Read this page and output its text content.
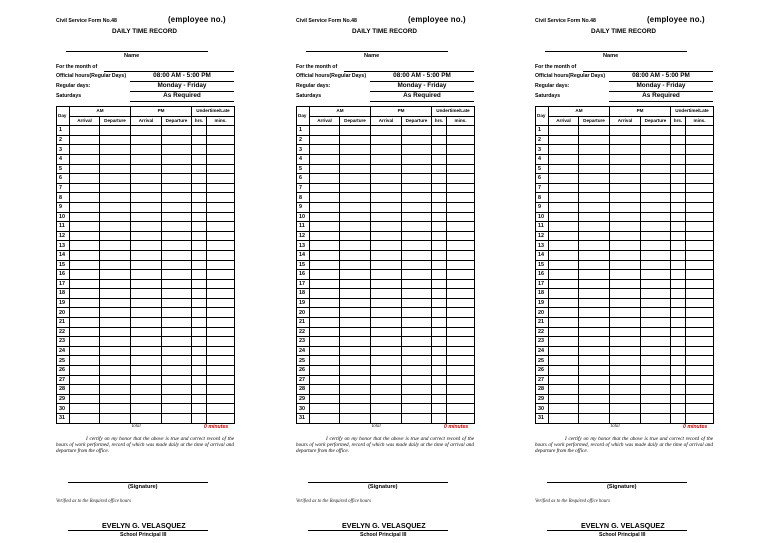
Civil Service Form No.48	(employee no.)
DAILY TIME RECORD
Name
For the month of
Official hours(Regular Days)	08:00 AM - 5:00 PM
Regular days:	Monday - Friday
Saturdays	As Required
Day	AM		PM		Undertime/Late	
	Arrival	Departure	Arrival	Departure	hrs.	mins.
1						
2						
3						
4						
5						
6						
7						
8						
9						
10						
11						
12						
13						
14						
15						
16						
17						
18						
19						
20						
21						
22						
23						
24						
25						
26						
27						
28						
29						
30						
31						
Total	0 minutes
I certify on my honor that the above is true and correct record of the hours of work performed, record of which was made daily at the time of arrival and departure from the office.
(Signature)
Verified as to the Required office hours
EVELYN G. VELASQUEZ
School Principal III
Civil Service Form No.48	(employee no.)
DAILY TIME RECORD
Name
For the month of
Official hours(Regular Days)	08:00 AM - 5:00 PM
Regular days:	Monday - Friday
Saturdays	As Required
Day	AM		PM		Undertime/Late	
	Arrival	Departure	Arrival	Departure	hrs.	mins.
1						
2						
3						
4						
5						
6						
7						
8						
9						
10						
11						
12						
13						
14						
15						
16						
17						
18						
19						
20						
21						
22						
23						
24						
25						
26						
27						
28						
29						
30						
31						
Total	0 minutes
I certify on my honor that the above is true and correct record of the hours of work performed, record of which was made daily at the time of arrival and departure from the office.
(Signature)
Verified as to the Required office hours
EVELYN G. VELASQUEZ
School Principal III
Civil Service Form No.48	(employee no.)
DAILY TIME RECORD
Name
For the month of
Official hours(Regular Days)	08:00 AM - 5:00 PM
Regular days:	Monday - Friday
Saturdays	As Required
Day	AM		PM		Undertime/Late	
	Arrival	Departure	Arrival	Departure	hrs.	mins.
1						
2						
3						
4						
5						
6						
7						
8						
9						
10						
11						
12						
13						
14						
15						
16						
17						
18						
19						
20						
21						
22						
23						
24						
25						
26						
27						
28						
29						
30						
31						
Total	0 minutes
I certify on my honor that the above is true and correct record of the hours of work performed, record of which was made daily at the time of arrival and departure from the office.
(Signature)
Verified as to the Required office hours
EVELYN G. VELASQUEZ
School Principal III
